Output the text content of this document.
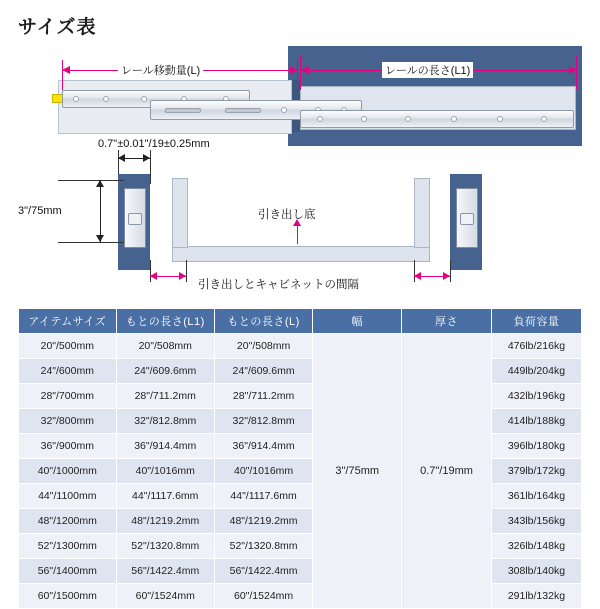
サイズ表
レール移動量(L)	レールの長さ(L1)
0.7"±0.01"/19±0.25mm
3"/75mm	引き出し底
引き出しとキャビネットの間隔
アイテムサイズ	もとの長さ(L1)	もとの長さ(L)	幅	厚さ	負荷容量
20"/500mm	20"/508mm	20"/508mm	3"/75mm	0.7"/19mm	476lb/216kg
24"/600mm	24"/609.6mm	24"/609.6mm			449lb/204kg
28"/700mm	28"/711.2mm	28"/711.2mm			432lb/196kg
32"/800mm	32"/812.8mm	32"/812.8mm			414lb/188kg
36"/900mm	36"/914.4mm	36"/914.4mm			396lb/180kg
40"/1000mm	40"/1016mm	40"/1016mm			379lb/172kg
44"/1100mm	44"/1117.6mm	44"/1117.6mm			361lb/164kg
48"/1200mm	48"/1219.2mm	48"/1219.2mm			343lb/156kg
52"/1300mm	52"/1320.8mm	52"/1320.8mm			326lb/148kg
56"/1400mm	56"/1422.4mm	56"/1422.4mm			308lb/140kg
60"/1500mm	60"/1524mm	60"/1524mm			291lb/132kg
